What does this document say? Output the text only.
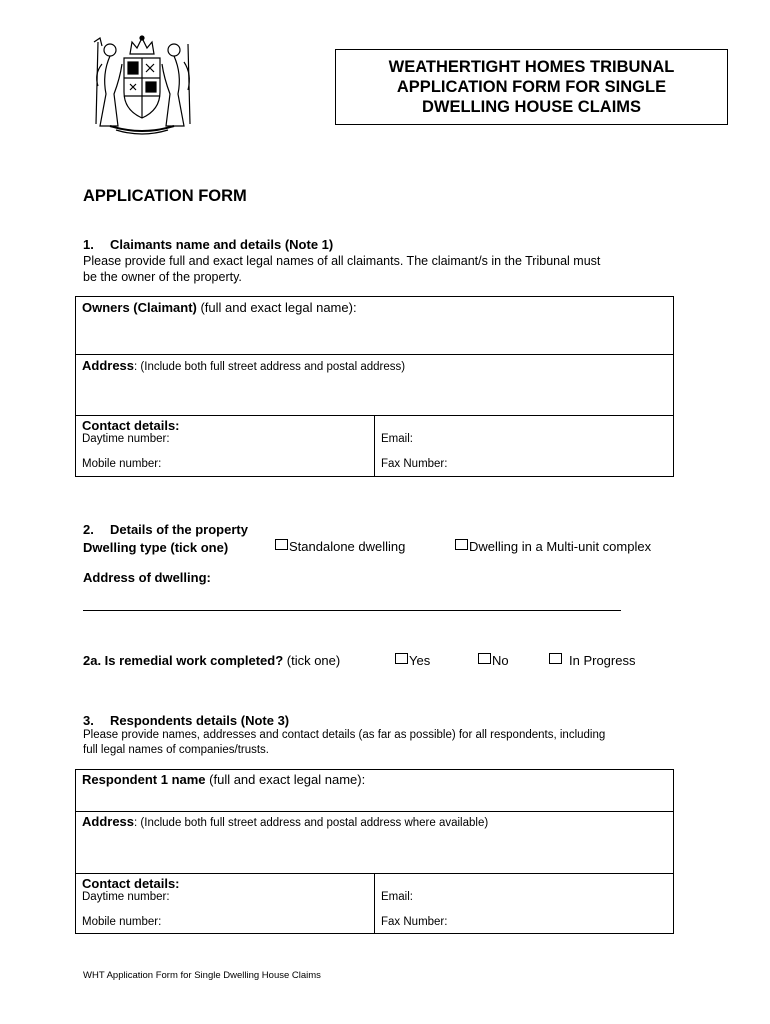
WEATHERTIGHT HOMES TRIBUNAL
APPLICATION FORM FOR SINGLE
DWELLING HOUSE CLAIMS
APPLICATION FORM
1. Claimants name and details (Note 1)
Please provide full and exact legal names of all claimants. The claimant/s in the Tribunal must
be the owner of the property.
Owners (Claimant) (full and exact legal name):
Address: (Include both full street address and postal address)

Contact details:
Daytime number:
Mobile number:

Email:
Fax Number:
2. Details of the property
Dwelling type (tick one)	Standalone dwelling	Dwelling in a Multi-unit complex
Address of dwelling:
2a. Is remedial work completed? (tick one)	Yes	No	In Progress
3. Respondents details (Note 3)
Please provide names, addresses and contact details (as far as possible) for all respondents, including
full legal names of companies/trusts.
Respondent 1 name (full and exact legal name):
Address: (Include both full street address and postal address where available)

Contact details:
Daytime number:
Mobile number:

Email:
Fax Number:
WHT Application Form for Single Dwelling House Claims
